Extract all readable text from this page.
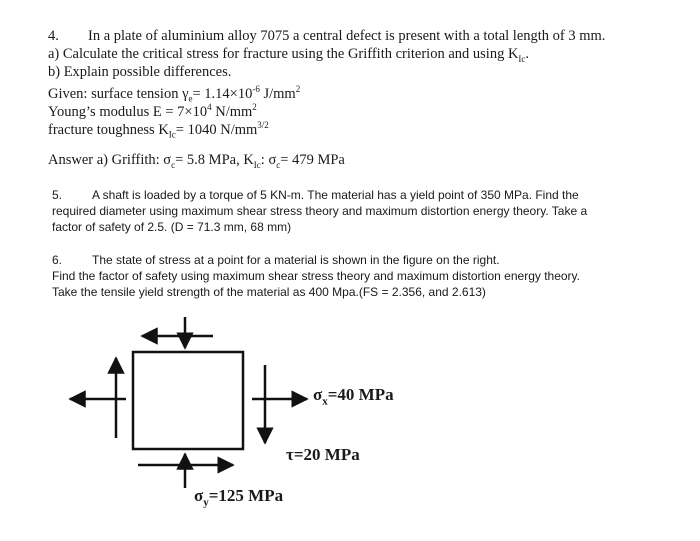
4. In a plate of aluminium alloy 7075 a central defect is present with a total length of 3 mm.
a) Calculate the critical stress for fracture using the Griffith criterion and using $K_{Ic}$.
b) Explain possible differences.
Given: surface tension $\gamma_e= 1.14\times 10^{-6}$ $J/mm^2$
Young’s modulus $E = 7\times 10^4$ $N/mm^2$
fracture toughness $K_{Ic}= 1040$ $N/mm^{3/2}$
Answer a) Griffith: $\sigma_c= 5.8$ MPa, $K_{Ic}$: $\sigma_c= 479$ MPa
5. A shaft is loaded by a torque of 5 KN-m. The material has a yield point of 350 MPa. Find the
required diameter using maximum shear stress theory and maximum distortion energy theory. Take a
factor of safety of 2.5. (D = 71.3 mm, 68 mm)
6. The state of stress at a point for a material is shown in the figure on the right.
Find the factor of safety using maximum shear stress theory and maximum distortion energy theory.
Take the tensile yield strength of the material as 400 Mpa.(FS = 2.356, and 2.613)
$\sigma_x=40$ MPa
τ=20 MPa
$\sigma_y=125$ MPa
